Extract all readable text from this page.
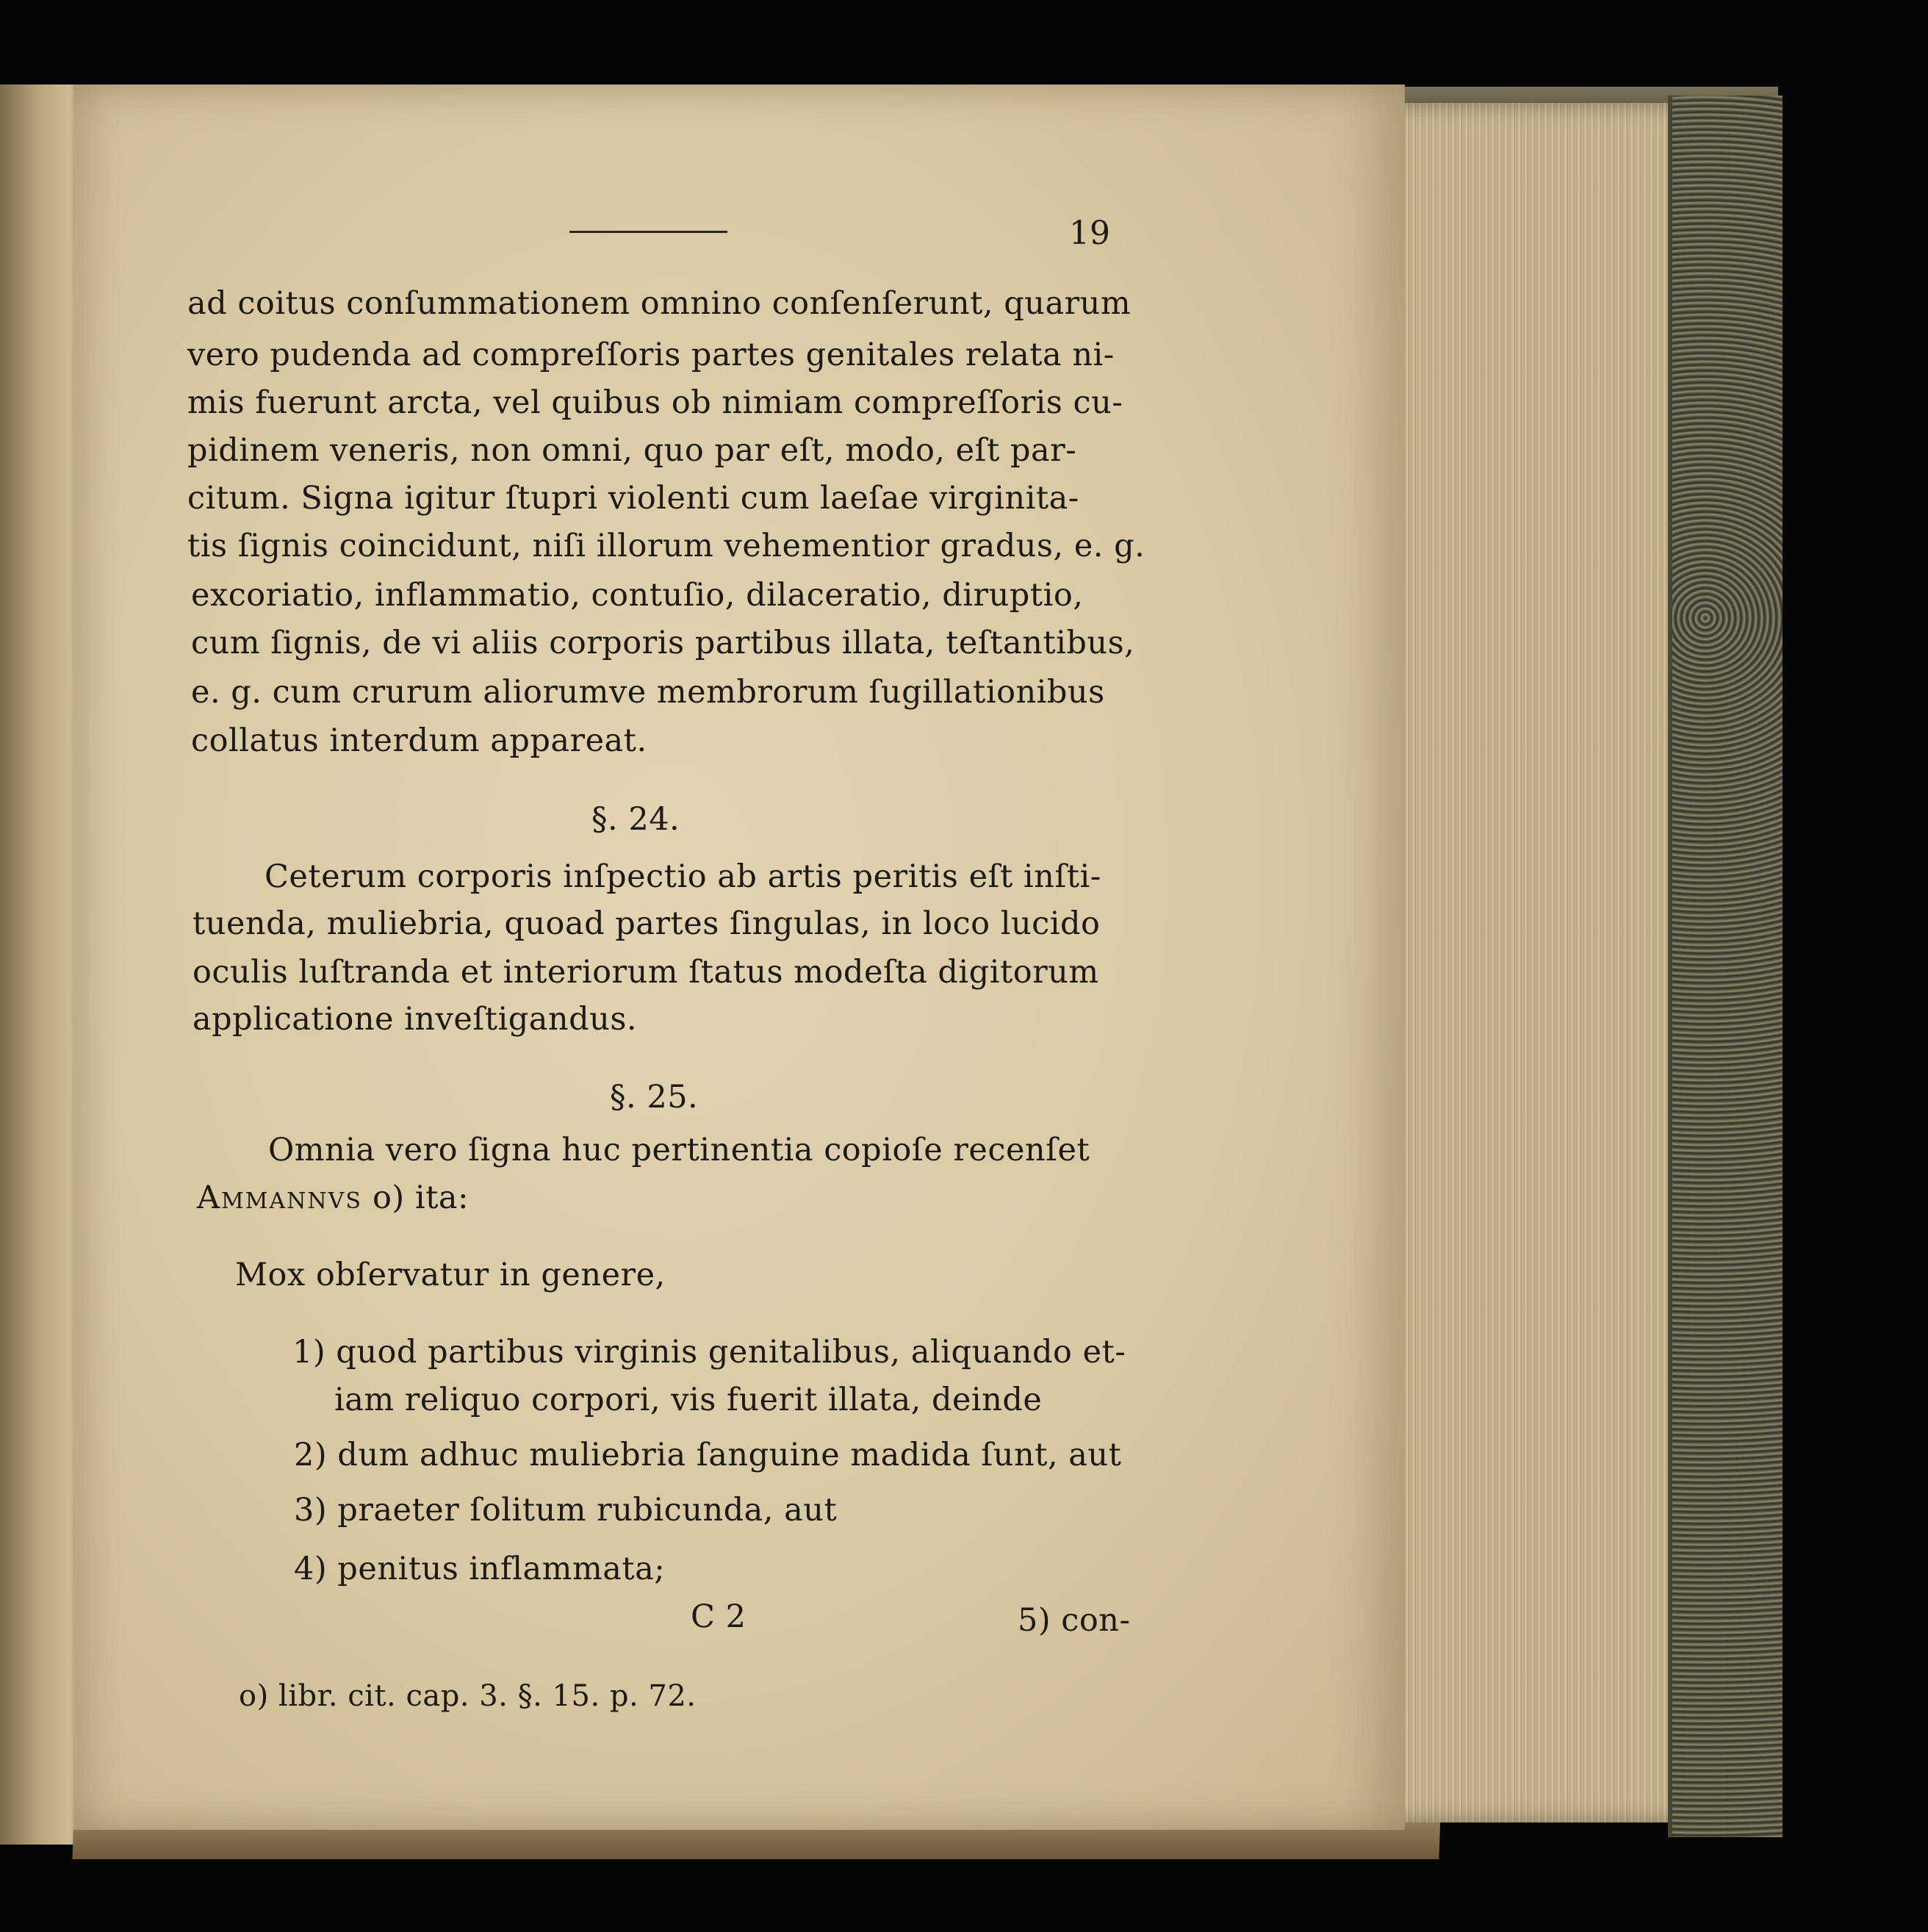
19
ad coitus conſummationem omnino conſenſerunt, quarum
vero pudenda ad compreſſoris partes genitales relata ni-
mis fuerunt arcta, vel quibus ob nimiam compreſſoris cu-
pidinem veneris, non omni, quo par eſt, modo, eſt par-
citum. Signa igitur ſtupri violenti cum laeſae virginita-
tis ſignis coincidunt, niſi illorum vehementior gradus, e. g.
excoriatio, inflammatio, contuſio, dilaceratio, diruptio,
cum ſignis, de vi aliis corporis partibus illata, teſtantibus,
e. g. cum crurum aliorumve membrorum ſugillationibus
collatus interdum appareat.
§. 24.
Ceterum corporis inſpectio ab artis peritis eſt inſti-
tuenda, muliebria, quoad partes ſingulas, in loco lucido
oculis luſtranda et interiorum ſtatus modeſta digitorum
applicatione inveſtigandus.
§. 25.
Omnia vero ſigna huc pertinentia copioſe recenſet
Ammannvs o) ita:
Mox obſervatur in genere,
1) quod partibus virginis genitalibus, aliquando et-
iam reliquo corpori, vis fuerit illata, deinde
2) dum adhuc muliebria ſanguine madida ſunt, aut
3) praeter ſolitum rubicunda, aut
4) penitus inflammata;
C 2	5) con-
o) libr. cit. cap. 3. §. 15. p. 72.
